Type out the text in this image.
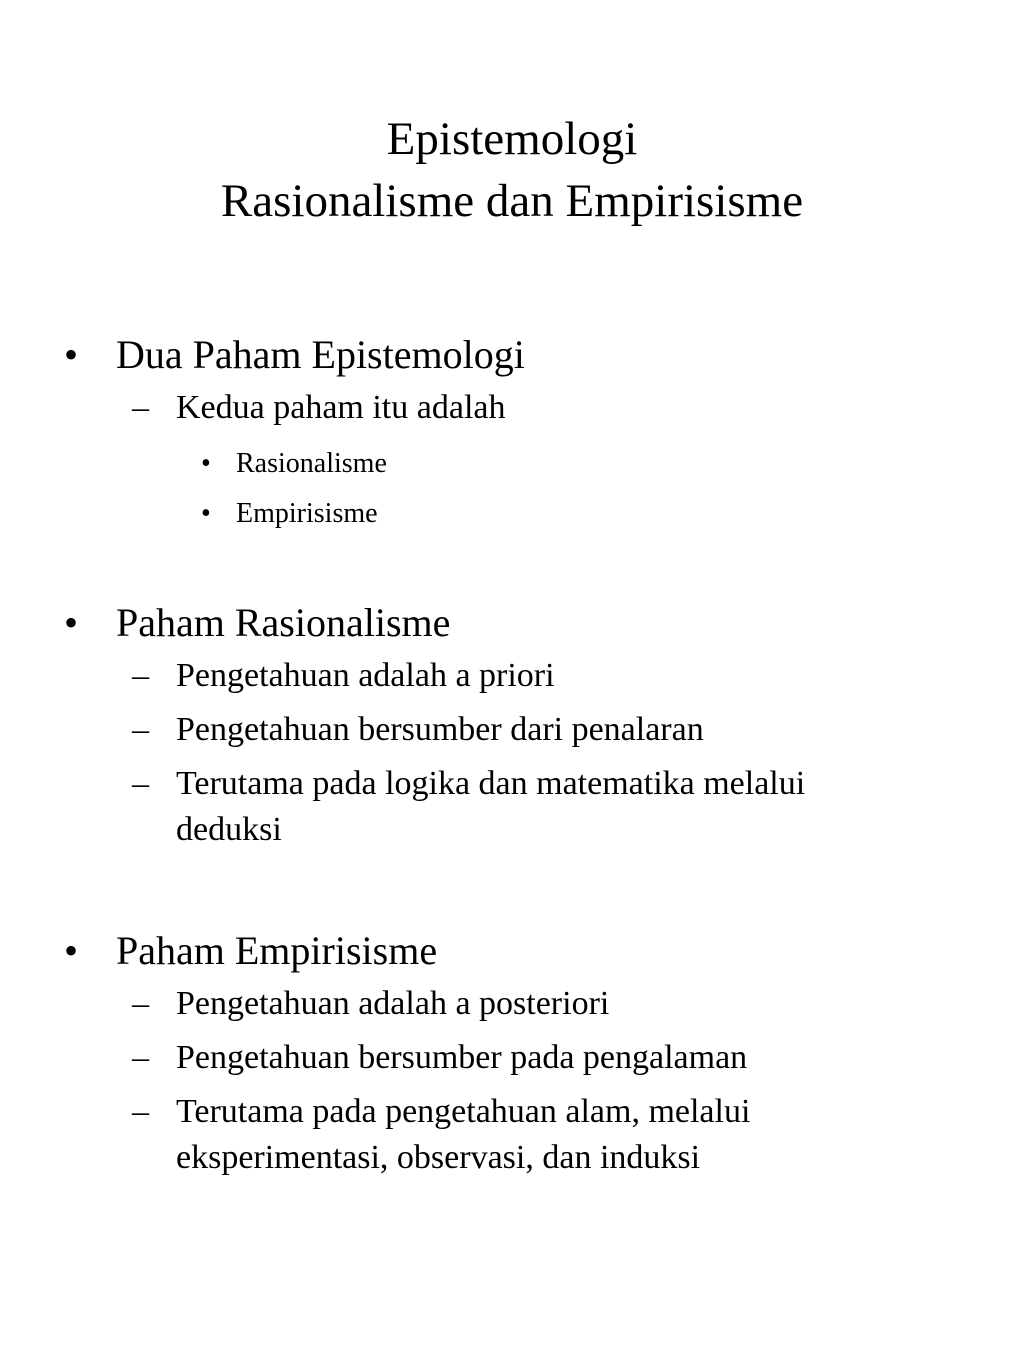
Epistemologi
Rasionalisme dan Empirisisme
• Dua Paham Epistemologi
– Kedua paham itu adalah
• Rasionalisme
• Empirisisme
• Paham Rasionalisme
– Pengetahuan adalah a priori
– Pengetahuan bersumber dari penalaran
– Terutama pada logika dan matematika melalui deduksi
• Paham Empirisisme
– Pengetahuan adalah a posteriori
– Pengetahuan bersumber pada pengalaman
– Terutama pada pengetahuan alam, melalui eksperimentasi, observasi, dan induksi
